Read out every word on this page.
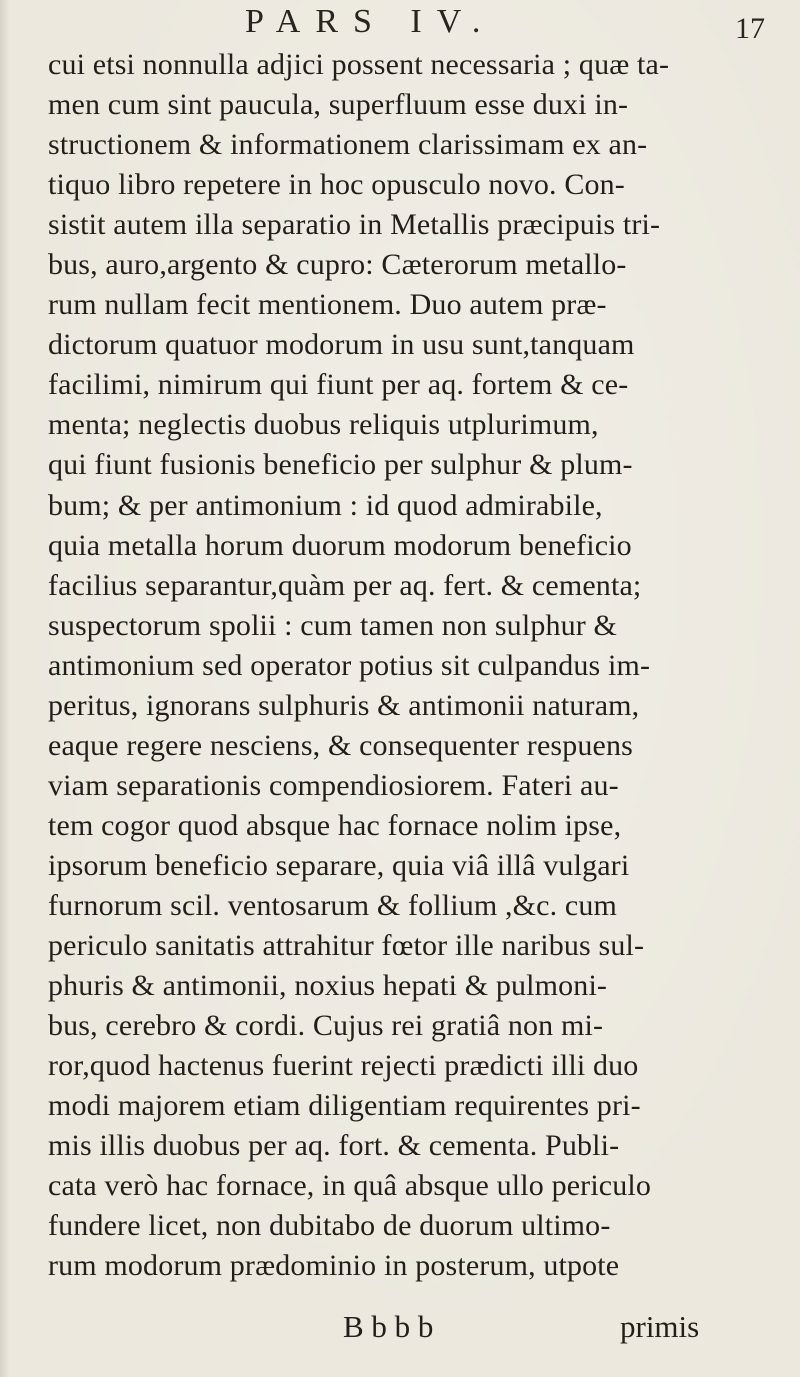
PARS IV.	17
cui etsi nonnulla adjici possent necessaria ; quæ ta-
men cum sint paucula, superfluum esse duxi in-
structionem & informationem clarissimam ex an-
tiquo libro repetere in hoc opusculo novo. Con-
sistit autem illa separatio in Metallis præcipuis tri-
bus, auro,argento & cupro: Cæterorum metallo-
rum nullam fecit mentionem. Duo autem præ-
dictorum quatuor modorum in usu sunt,tanquam
facilimi, nimirum qui fiunt per aq. fortem & ce-
menta; neglectis duobus reliquis utplurimum,
qui fiunt fusionis beneficio per sulphur & plum-
bum; & per antimonium : id quod admirabile,
quia metalla horum duorum modorum beneficio
facilius separantur,quàm per aq. fert. & cementa;
suspectorum spolii : cum tamen non sulphur &
antimonium sed operator potius sit culpandus im-
peritus, ignorans sulphuris & antimonii naturam,
eaque regere nesciens, & consequenter respuens
viam separationis compendiosiorem. Fateri au-
tem cogor quod absque hac fornace nolim ipse,
ipsorum beneficio separare, quia viâ illâ vulgari
furnorum scil. ventosarum & follium ,&c. cum
periculo sanitatis attrahitur fœtor ille naribus sul-
phuris & antimonii, noxius hepati & pulmoni-
bus, cerebro & cordi. Cujus rei gratiâ non mi-
ror,quod hactenus fuerint rejecti prædicti illi duo
modi majorem etiam diligentiam requirentes pri-
mis illis duobus per aq. fort. & cementa. Publi-
cata verò hac fornace, in quâ absque ullo periculo
fundere licet, non dubitabo de duorum ultimo-
rum modorum prædominio in posterum, utpote
B b b b	primis
